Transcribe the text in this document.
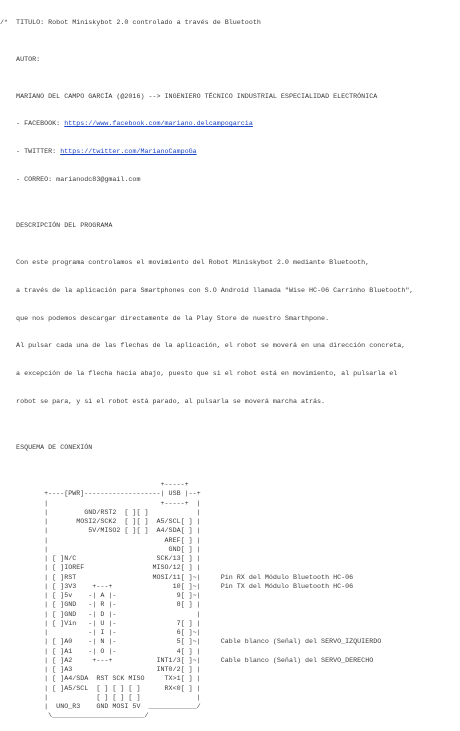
/*  TITULO: Robot Miniskybot 2.0 controlado a través de Bluetooth

AUTOR:

MARIANO DEL CAMPO GARCÍA (@2016) --> INGENIERO TÉCNICO INDUSTRIAL ESPECIALIDAD ELECTRÓNICA

- FACEBOOK: https://www.facebook.com/mariano.delcampogarcia

- TWITTER: https://twitter.com/MarianoCampoGa

- CORREO: marianodc83@gmail.com

DESCRIPCIÓN DEL PROGRAMA

Con este programa controlamos el movimiento del Robot Miniskybot 2.0 mediante Bluetooth,

a través de la aplicación para Smartphones con S.O Android llamada "Wise HC-06 Carrinho Bluetooth",

que nos podemos descargar directamente de la Play Store de nuestro Smarthpone.

Al pulsar cada una de las flechas de la aplicación, el robot se moverá en una dirección concreta,

a excepción de la flecha hacia abajo, puesto que si el robot está en movimiento, al pulsarla el

robot se para, y si el robot está parado, al pulsarla se moverá marcha atrás.

ESQUEMA DE CONEXIÓN

+-----+
+----[PWR]-------------------| USB |--+
|                            +-----+  |
|         GND/RST2  [ ][ ]            |
|       MOSI2/SCK2  [ ][ ]  A5/SCL[ ] |
|          5V/MISO2 [ ][ ]  A4/SDA[ ] |
|                             AREF[ ] |
|                              GND[ ] |
| [ ]N/C                    SCK/13[ ] |
| [ ]IOREF                 MISO/12[ ] |
| [ ]RST                   MOSI/11[ ]~|     Pin RX del Módulo Bluetooth HC-06
| [ ]3V3    +---+               10[ ]~|     Pin TX del Módulo Bluetooth HC-06
| [ ]5v    -| A |-               9[ ]~|
| [ ]GND   -| R |-               8[ ] |
| [ ]GND   -| D |-                    |
| [ ]Vin   -| U |-               7[ ] |
|          -| I |-               6[ ]~|
| [ ]A0    -| N |-               5[ ]~|     Cable blanco (Señal) del SERVO_IZQUIERDO
| [ ]A1    -| O |-               4[ ] |
| [ ]A2     +---+           INT1/3[ ]~|     Cable blanco (Señal) del SERVO_DERECHO
| [ ]A3                     INT0/2[ ] |
| [ ]A4/SDA  RST SCK MISO     TX>1[ ] |
| [ ]A5/SCL  [ ] [ ] [ ]      RX<0[ ] |
|            [ ] [ ] [ ]              |
|  UNO_R3    GND MOSI 5V  ____________/
\_______________________/
